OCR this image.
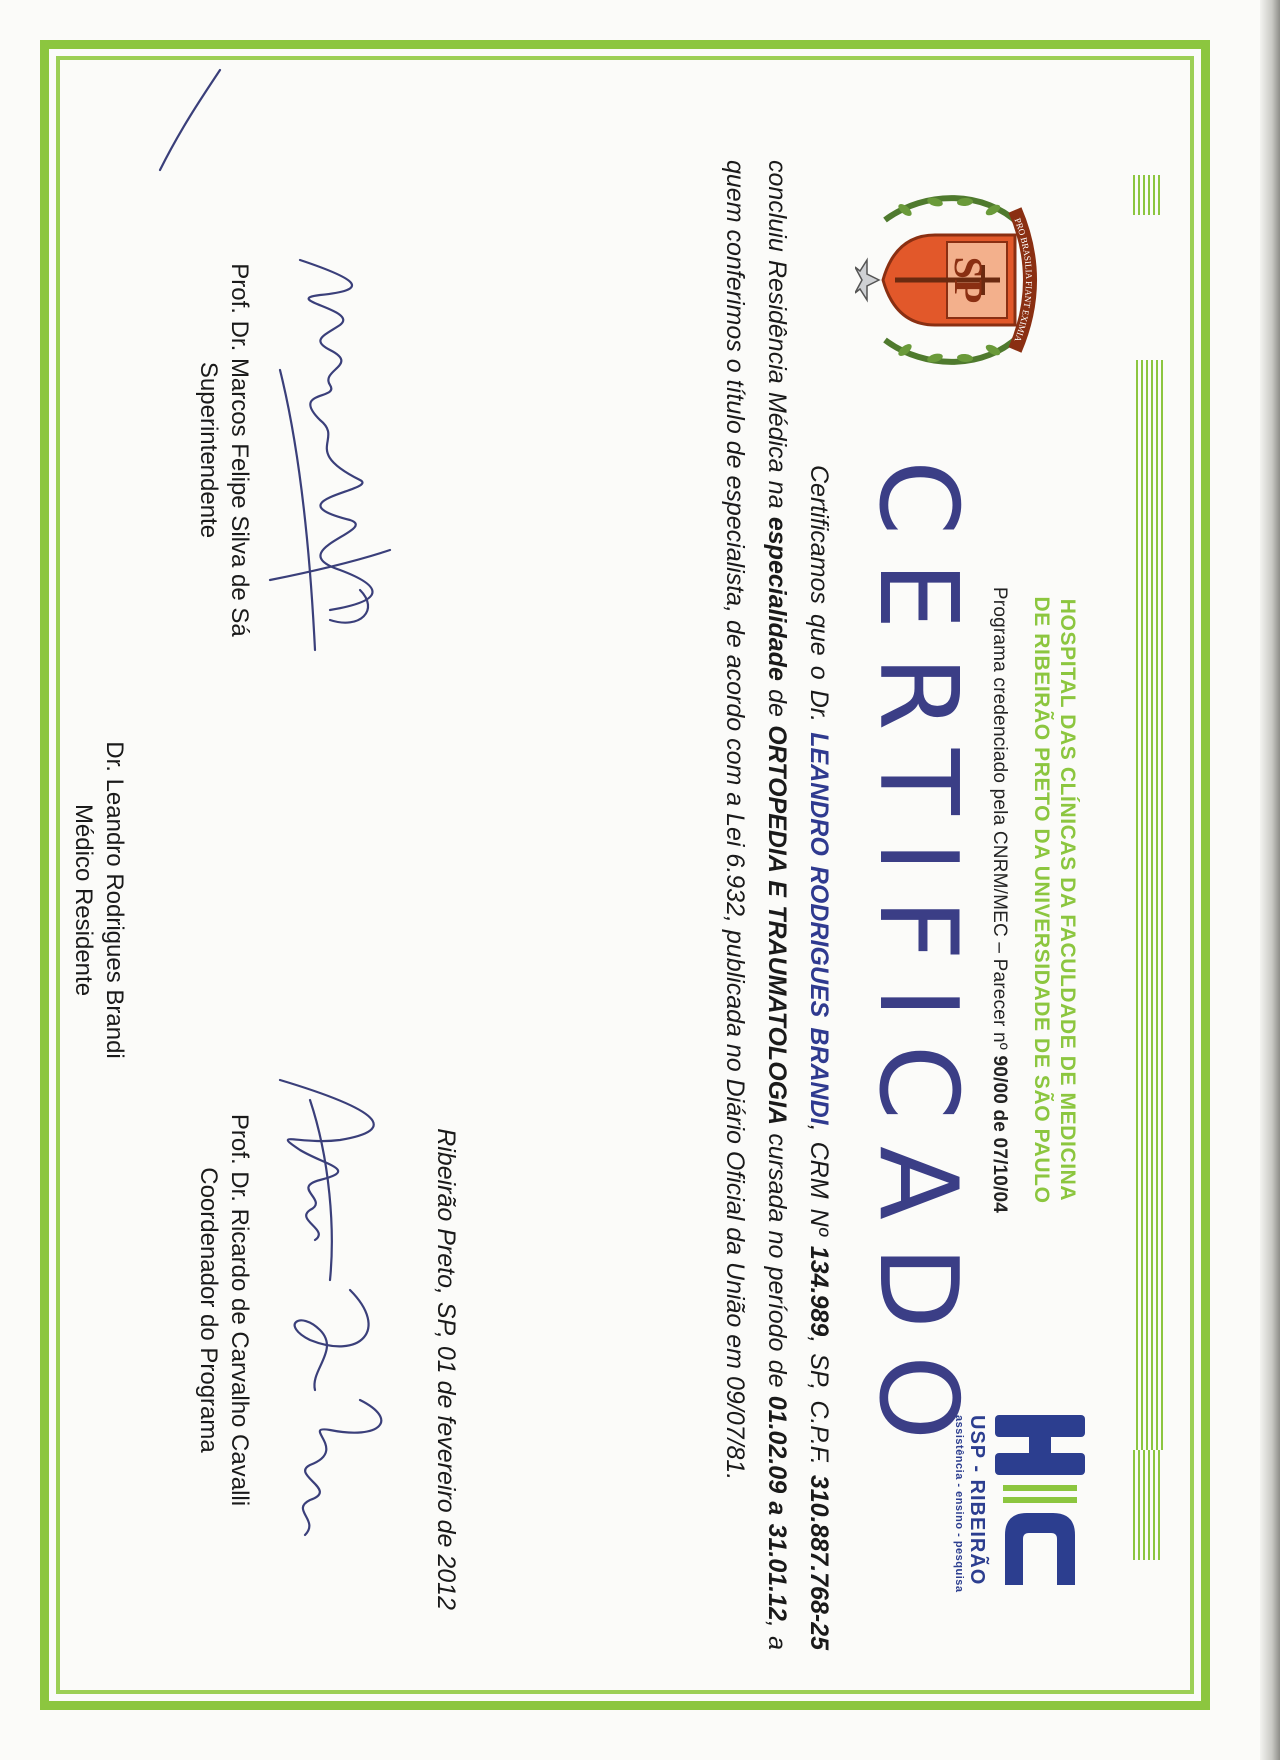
SP
PRO BRASILIA FIANT EXIMIA
HOSPITAL DAS CLÍNICAS DA FACULDADE DE MEDICINA
DE RIBEIRÃO PRETO DA UNIVERSIDADE DE SÃO PAULO
Programa credenciado pela CNRM/MEC – Parecer nº 90/00 de 07/10/04
USP - RIBEIRÃO
assistência - ensino - pesquisa
CERTIFICADO
Certificamos que o Dr. LEANDRO RODRIGUES BRANDI, CRM Nº 134.989, SP, C.P.F. 310.887.768-25 concluiu Residência Médica na especialidade de ORTOPEDIA E TRAUMATOLOGIA cursada no período de 01.02.09 a 31.01.12, a quem conferimos o título de especialista, de acordo com a Lei 6.932, publicada no Diário Oficial da União em 09/07/81.
Ribeirão Preto, SP, 01 de fevereiro de 2012
Prof. Dr. Marcos Felipe Silva de Sá
Superintendente
Prof. Dr. Ricardo de Carvalho Cavalli
Coordenador do Programa
Dr. Leandro Rodrigues Brandi
Médico Residente
